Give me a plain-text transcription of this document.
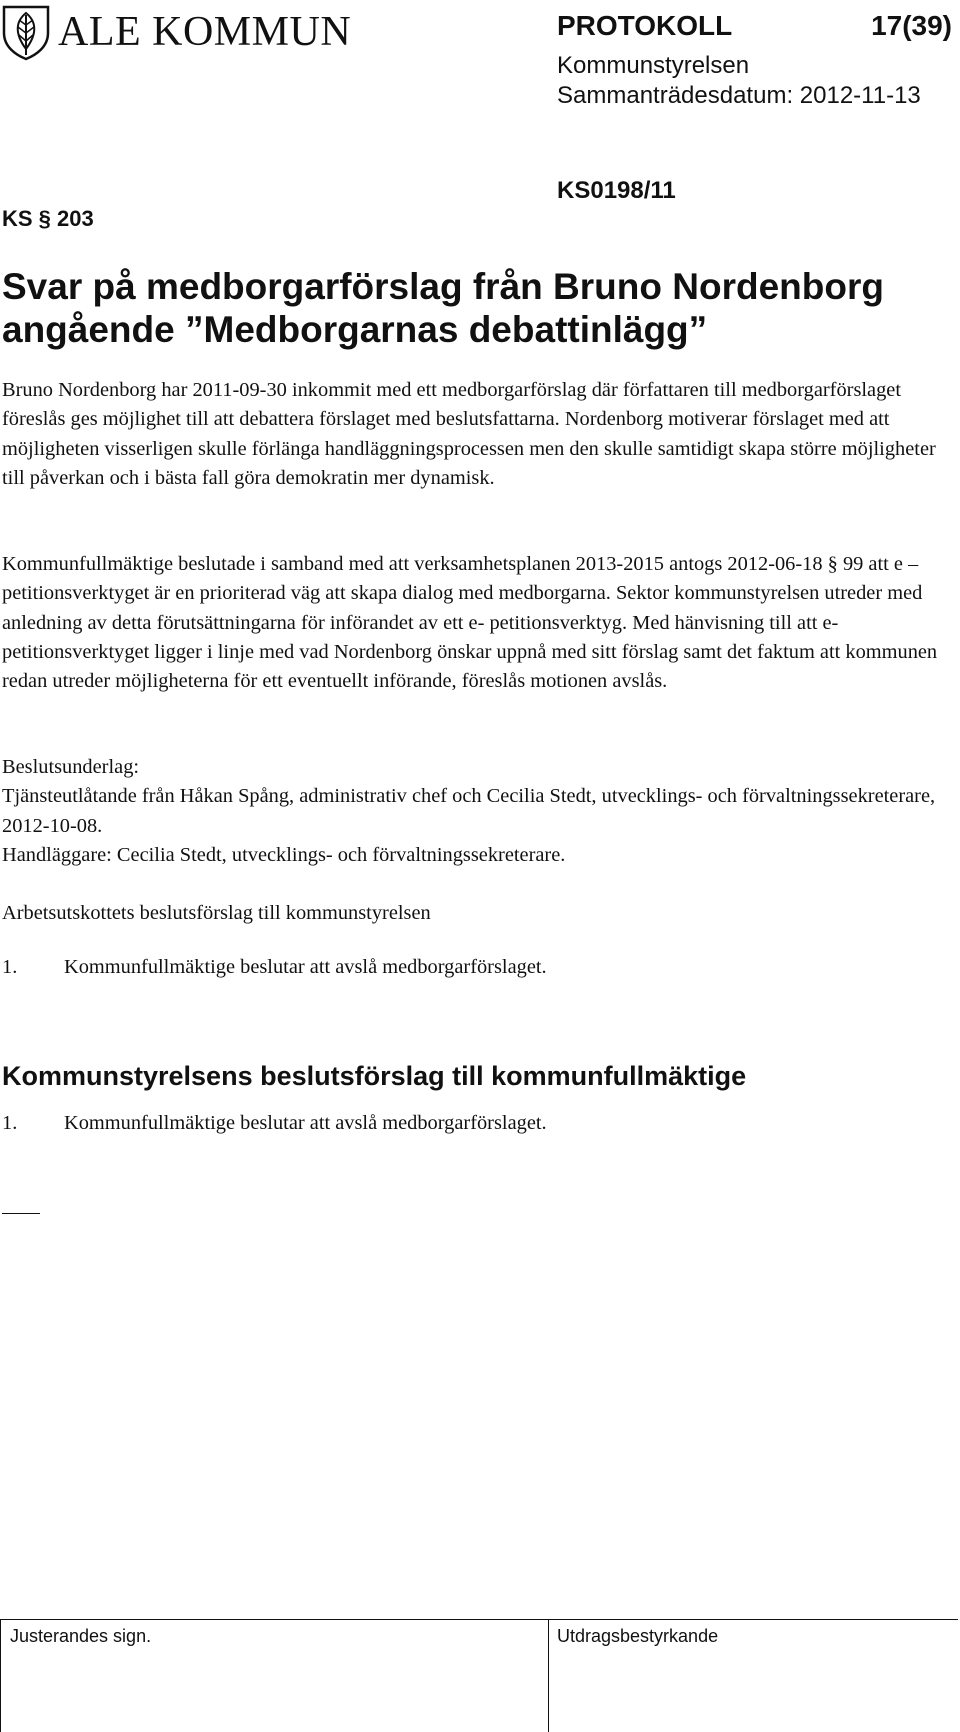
ALE KOMMUN	PROTOKOLL	17(39)
Kommunstyrelsen
Sammanträdesdatum: 2012-11-13
KS0198/11
KS § 203
Svar på medborgarförslag från Bruno Nordenborg
angående ”Medborgarnas debattinlägg”

Bruno Nordenborg har 2011-09-30 inkommit med ett medborgarförslag där författaren till medborgarförslaget föreslås ges möjlighet till att debattera förslaget med beslutsfattarna. Nordenborg motiverar förslaget med att möjligheten visserligen skulle förlänga handläggningsprocessen men den skulle samtidigt skapa större möjligheter till påverkan och i bästa fall göra demokratin mer dynamisk.

Kommunfullmäktige beslutade i samband med att verksamhetsplanen 2013-2015 antogs 2012-06-18 § 99 att e –petitionsverktyget är en prioriterad väg att skapa dialog med medborgarna. Sektor kommunstyrelsen utreder med anledning av detta förutsättningarna för införandet av ett e- petitionsverktyg. Med hänvisning till att e-petitionsverktyget ligger i linje med vad Nordenborg önskar uppnå med sitt förslag samt det faktum att kommunen redan utreder möjligheterna för ett eventuellt införande, föreslås motionen avslås.

Beslutsunderlag:
Tjänsteutlåtande från Håkan Spång, administrativ chef och Cecilia Stedt, utvecklings- och förvaltningssekreterare, 2012-10-08.
Handläggare: Cecilia Stedt, utvecklings- och förvaltningssekreterare.

Arbetsutskottets beslutsförslag till kommunstyrelsen

1.	Kommunfullmäktige beslutar att avslå medborgarförslaget.
Kommunstyrelsens beslutsförslag till kommunfullmäktige
1.	Kommunfullmäktige beslutar att avslå medborgarförslaget.
Justerandes sign.	Utdragsbestyrkande
